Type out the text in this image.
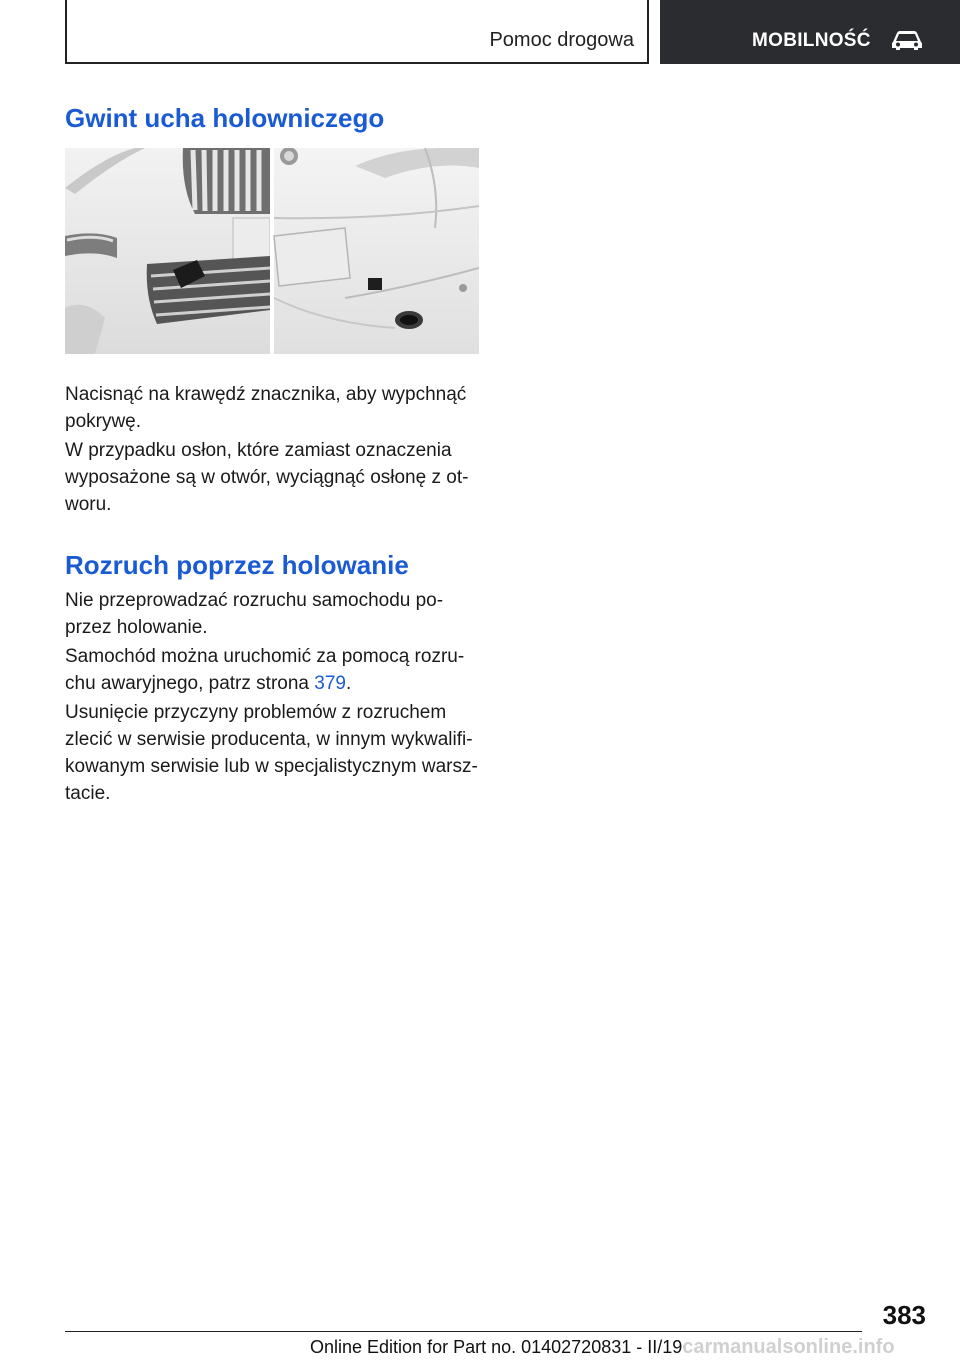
Pomoc drogowa	MOBILNOŚĆ
Gwint ucha holowniczego

Nacisnąć na krawędź znacznika, aby wypchnąć pokrywę.

W przypadku osłon, które zamiast oznaczenia wyposażone są w otwór, wyciągnąć osłonę z ot-woru.

Rozruch poprzez holowanie

Nie przeprowadzać rozruchu samochodu po-przez holowanie.

Samochód można uruchomić za pomocą rozru-chu awaryjnego, patrz strona 379.

Usunięcie przyczyny problemów z rozruchem zlecić w serwisie producenta, w innym wykwalifi-kowanym serwisie lub w specjalistycznym warsz-tacie.

383
Online Edition for Part no. 01402720831 - II/19carmanualsonline.info
